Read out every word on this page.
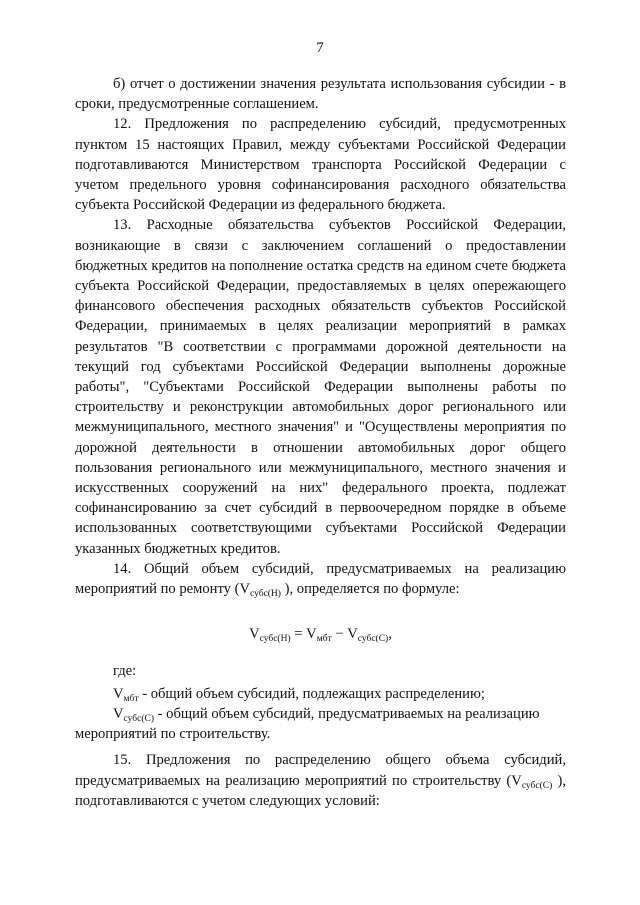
7

б) отчет о достижении значения результата использования субсидии - в сроки, предусмотренные соглашением.

12. Предложения по распределению субсидий, предусмотренных пунктом 15 настоящих Правил, между субъектами Российской Федерации подготавливаются Министерством транспорта Российской Федерации с учетом предельного уровня софинансирования расходного обязательства субъекта Российской Федерации из федерального бюджета.

13. Расходные обязательства субъектов Российской Федерации, возникающие в связи с заключением соглашений о предоставлении бюджетных кредитов на пополнение остатка средств на едином счете бюджета субъекта Российской Федерации, предоставляемых в целях опережающего финансового обеспечения расходных обязательств субъектов Российской Федерации, принимаемых в целях реализации мероприятий в рамках результатов "В соответствии с программами дорожной деятельности на текущий год субъектами Российской Федерации выполнены дорожные работы", "Субъектами Российской Федерации выполнены работы по строительству и реконструкции автомобильных дорог регионального или межмуниципального, местного значения" и "Осуществлены мероприятия по дорожной деятельности в отношении автомобильных дорог общего пользования регионального или межмуниципального, местного значения и искусственных сооружений на них" федерального проекта, подлежат софинансированию за счет субсидий в первоочередном порядке в объеме использованных соответствующими субъектами Российской Федерации указанных бюджетных кредитов.

14. Общий объем субсидий, предусматриваемых на реализацию мероприятий по ремонту ($V_{субс(Н)}$ ), определяется по формуле:

$V_{субс(Н)} = V_{мбт} - V_{субс(С)}$,

где:

$V_{мбт}$ - общий объем субсидий, подлежащих распределению;

$V_{субс(С)}$ - общий объем субсидий, предусматриваемых на реализацию

мероприятий по строительству.

15. Предложения по распределению общего объема субсидий, предусматриваемых на реализацию мероприятий по строительству ($V_{субс(С)}$ ), подготавливаются с учетом следующих условий:
